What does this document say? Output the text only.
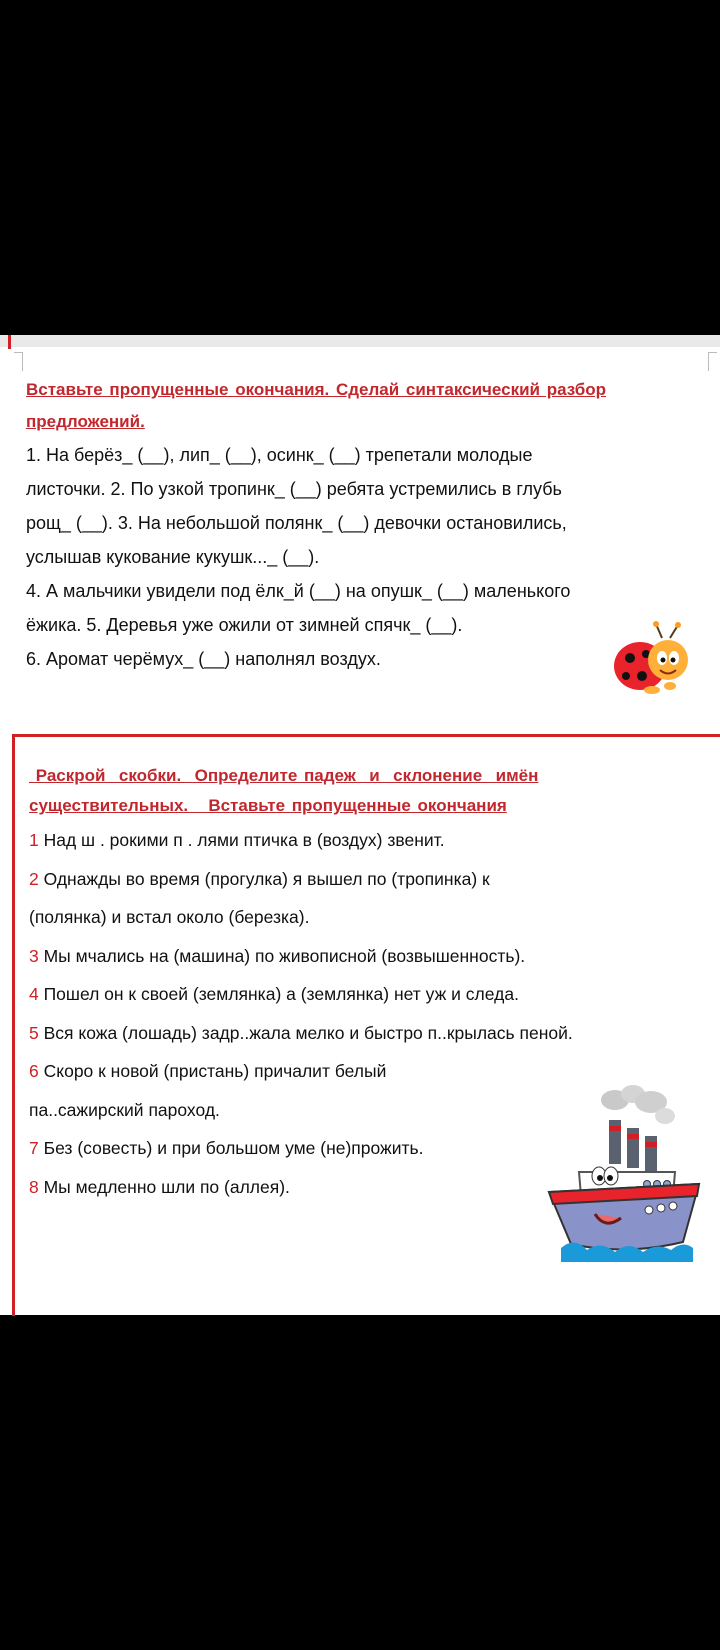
Вставьте пропущенные окончания. Сделай синтаксический разбор

предложений.

1. На берёз_ (__), лип_ (__), осинк_ (__) трепетали молодые

листочки. 2. По узкой тропинк_ (__) ребята устремились в глубь

рощ_ (__). 3. На небольшой полянк_ (__) девочки остановились,

услышав кукование кукушк..._ (__).

4. А мальчики увидели под ёлк_й (__) на опушк_ (__) маленького

ёжика. 5. Деревья уже ожили от зимней спячк_ (__).

6. Аромат черёмух_ (__) наполнял воздух.

Раскрой  скобки.  Определите падеж  и  склонение  имён

существительных.   Вставьте пропущенные окончания

1 Над ш . рокими п . лями птичка в (воздух) звенит.

2 Однажды во время (прогулка) я вышел по (тропинка) к

(полянка) и встал около (березка).

3 Мы мчались на (машина) по живописной (возвышенность).

4 Пошел он к своей (землянка) а (землянка) нет уж и следа.

5 Вся кожа (лошадь) задр..жала мелко и быстро п..крылась пеной.

6 Скоро к новой (пристань) причалит белый

па..сажирский пароход.

7 Без (совесть) и при большом уме (не)прожить.

8 Мы медленно шли по (аллея).
